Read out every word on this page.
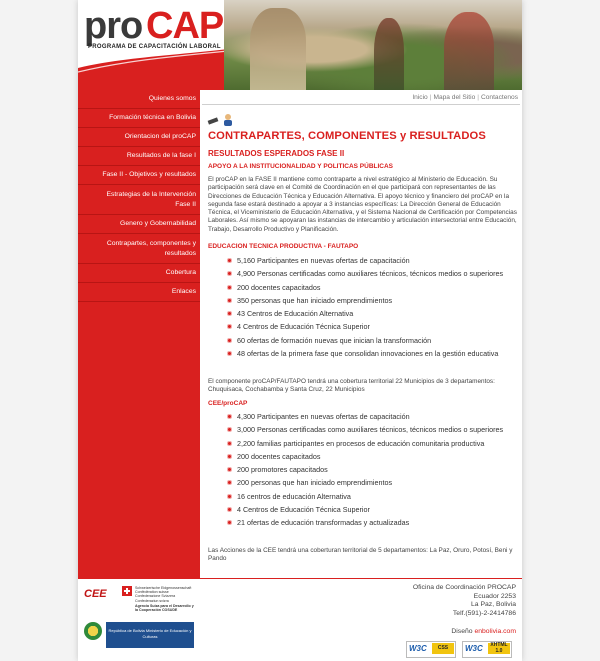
pro CAP
PROGRAMA DE CAPACITACIÓN LABORAL
Quienes somos
Formación técnica en Bolivia
Orientacion del proCAP
Resultados de la fase I
Fase II - Objetivos y resultados
Estrategias de la Intervención Fase II
Genero y Gobernabilidad
Contrapartes, componentes y resultados
Cobertura
Enlaces
Inicio | Mapa del Sitio | Contactenos
CONTRAPARTES, COMPONENTES y RESULTADOS
RESULTADOS ESPERADOS FASE II
APOYO A LA INSTITUCIONALIDAD Y POLITICAS PÚBLICAS
El proCAP en la FASE II mantiene como contraparte a nivel estratégico al Ministerio de Educación. Su participación será clave en el Comité de Coordinación en el que participará con representantes de las Direcciones de Educación Técnica y Educación Alternativa. El apoyo técnico y financiero del proCAP en la segunda fase estará destinado a apoyar a 3 instancias específicas: La Dirección General de Educación Técnica, el Viceministerio de Educación Alternativa, y el Sistema Nacional de Certificación por Competencias Laborales. Así mismo se apoyaran las instancias de intercambio y articulación intersectorial entre Educación, Trabajo, Desarrollo Productivo y Planificación.
EDUCACION TECNICA PRODUCTIVA - FAUTAPO
5,160 Participantes en nuevas ofertas de capacitación
4,900 Personas certificadas como auxiliares técnicos, técnicos medios o superiores
200 docentes capacitados
350 personas que han iniciado emprendimientos
43 Centros de Educación Alternativa
4 Centros de Educación Técnica Superior
60 ofertas de formación nuevas que inician la transformación
48 ofertas de la primera fase que consolidan innovaciones en la gestión educativa
El componente proCAP/FAUTAPO tendrá una cobertura territorial 22 Municipios de 3 departamentos: Chuquisaca, Cochabamba y Santa Cruz, 22 Municipios
CEE/proCAP
4,300 Participantes en nuevas ofertas de capacitación
3,000 Personas certificadas como auxiliares técnicos, técnicos medios o superiores
2,200 familias participantes en procesos de educación comunitaria productiva
200 docentes capacitados
200 promotores capacitados
200 personas que han iniciado emprendimientos
16 centros de educación Alternativa
4 Centros de Educación Técnica Superior
21 ofertas de educación transformadas y actualizadas
Las Acciones de la CEE tendrá una coberturan territorial de 5 departamentos: La Paz, Oruro, Potosí, Beni y Pando
CEE	Schweizerische Eidgenossenschaft Confédération suisse Confederazione Svizzera Confederaziun svizra
Agencia Suiza para el Desarrollo y la Cooperación COSUDE
República de Bolivia Ministerio de Educación y Culturas
Oficina de Coordinación PROCAP
Ecuador 2253
La Paz, Bolivia
Telf.(591)-2-2414786
Diseño enbolivia.com
W3C	CSS	W3C	XHTML 1.0
